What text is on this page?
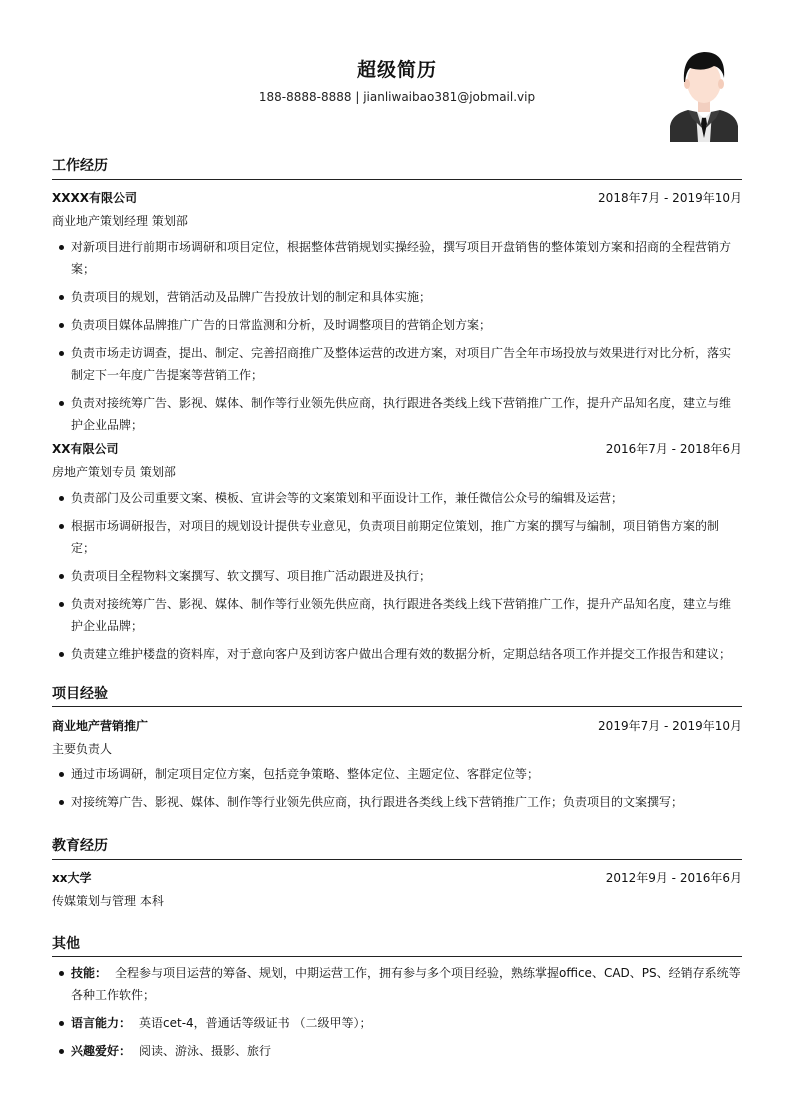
超级简历
188-8888-8888 | jianliwaibao381@jobmail.vip
工作经历
XXXX有限公司	2018年7月 - 2019年10月
商业地产策划经理 策划部
对新项目进行前期市场调研和项目定位，根据整体营销规划实操经验，撰写项目开盘销售的整体策划方案和招商的全程营销方案；
负责项目的规划，营销活动及品牌广告投放计划的制定和具体实施；
负责项目媒体品牌推广广告的日常监测和分析，及时调整项目的营销企划方案；
负责市场走访调查，提出、制定、完善招商推广及整体运营的改进方案，对项目广告全年市场投放与效果进行对比分析，落实制定下一年度广告提案等营销工作；
负责对接统筹广告、影视、媒体、制作等行业领先供应商，执行跟进各类线上线下营销推广工作，提升产品知名度，建立与维护企业品牌；
XX有限公司	2016年7月 - 2018年6月
房地产策划专员 策划部
负责部门及公司重要文案、模板、宣讲会等的文案策划和平面设计工作，兼任微信公众号的编辑及运营；
根据市场调研报告，对项目的规划设计提供专业意见，负责项目前期定位策划，推广方案的撰写与编制，项目销售方案的制定；
负责项目全程物料文案撰写、软文撰写、项目推广活动跟进及执行；
负责对接统筹广告、影视、媒体、制作等行业领先供应商，执行跟进各类线上线下营销推广工作，提升产品知名度，建立与维护企业品牌；
负责建立维护楼盘的资料库，对于意向客户及到访客户做出合理有效的数据分析，定期总结各项工作并提交工作报告和建议；
项目经验
商业地产营销推广	2019年7月 - 2019年10月
主要负责人
通过市场调研，制定项目定位方案，包括竞争策略、整体定位、主题定位、客群定位等；
对接统筹广告、影视、媒体、制作等行业领先供应商，执行跟进各类线上线下营销推广工作；负责项目的文案撰写；
教育经历
xx大学	2012年9月 - 2016年6月
传媒策划与管理 本科
其他
技能： 全程参与项目运营的筹备、规划，中期运营工作，拥有参与多个项目经验，熟练掌握office、CAD、PS、经销存系统等各种工作软件；
语言能力： 英语cet-4，普通话等级证书 （二级甲等）；
兴趣爱好： 阅读、游泳、摄影、旅行
